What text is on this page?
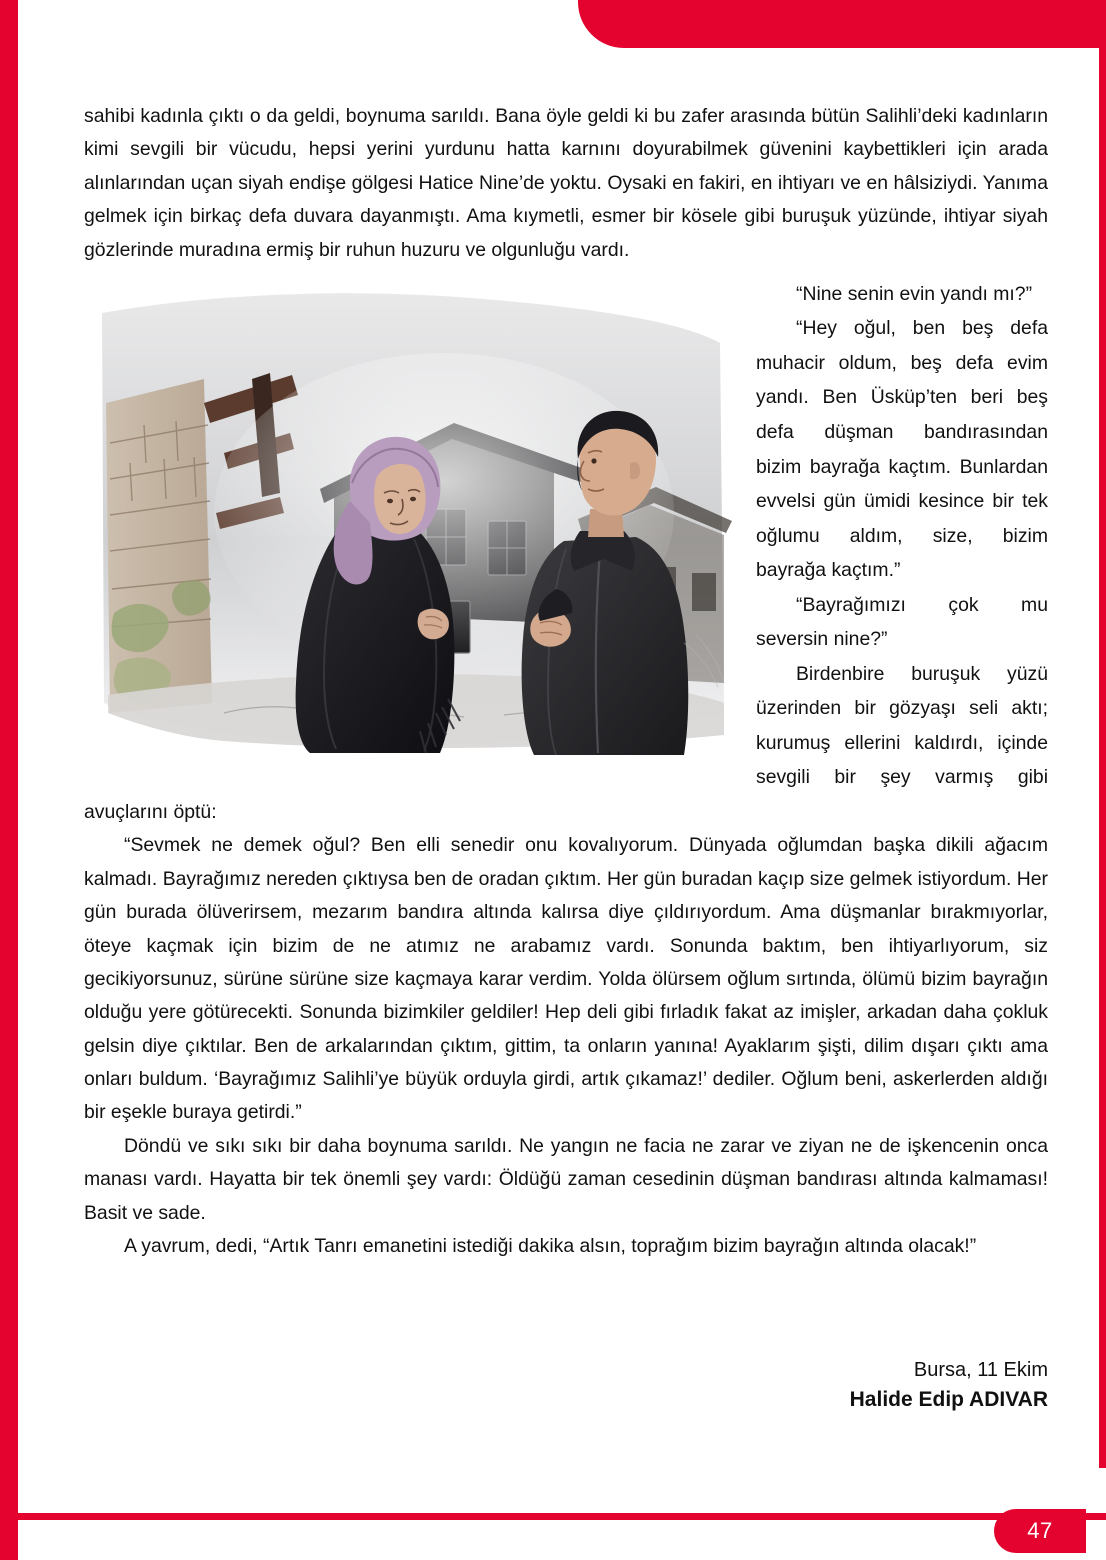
47

sahibi kadınla çıktı o da geldi, boynuma sarıldı. Bana öyle geldi ki bu zafer arasında bütün Salihli’deki kadınların kimi sevgili bir vücudu, hepsi yerini yurdunu hatta karnını doyurabilmek güvenini kaybettikleri için arada alınlarından uçan siyah endişe gölgesi Hatice Nine’de yoktu. Oysaki en fakiri, en ihtiyarı ve en hâlsiziydi. Yanıma gelmek için birkaç defa duvara dayanmıştı. Ama kıymetli, esmer bir kösele gibi buruşuk yüzünde, ihtiyar siyah gözlerinde muradına ermiş bir ruhun huzuru ve olgunluğu vardı.

“Nine senin evin yandı mı?”

“Hey oğul, ben beş defa muhacir oldum, beş defa evim yandı. Ben Üsküp’ten beri beş defa düşman bandırasından bizim bayrağa kaçtım. Bunlardan evvelsi gün ümidi kesince bir tek oğlumu aldım, size, bizim bayrağa kaçtım.”

“Bayrağımızı çok mu seversin nine?”

Birdenbire buruşuk yüzü üzerinden bir gözyaşı seli aktı; kurumuş ellerini kaldırdı, içinde sevgili bir şey varmış gibi avuçlarını öptü:

“Sevmek ne demek oğul? Ben elli senedir onu kovalıyorum. Dünyada oğlumdan başka dikili ağacım kalmadı. Bayrağımız nereden çıktıysa ben de oradan çıktım. Her gün buradan kaçıp size gelmek istiyordum. Her gün burada ölüverirsem, mezarım bandıra altında kalırsa diye çıldırıyordum. Ama düşmanlar bırakmıyorlar, öteye kaçmak için bizim de ne atımız ne arabamız vardı. Sonunda baktım, ben ihtiyarlıyorum, siz gecikiyorsunuz, sürüne sürüne size kaçmaya karar verdim. Yolda ölürsem oğlum sırtında, ölümü bizim bayrağın olduğu yere götürecekti. Sonunda bizimkiler geldiler! Hep deli gibi fırladık fakat az imişler, arkadan daha çokluk gelsin diye çıktılar. Ben de arkalarından çıktım, gittim, ta onların yanına! Ayaklarım şişti, dilim dışarı çıktı ama onları buldum. ‘Bayrağımız Salihli’ye büyük orduyla girdi, artık çıkamaz!’ dediler. Oğlum beni, askerlerden aldığı bir eşekle buraya getirdi.”

Döndü ve sıkı sıkı bir daha boynuma sarıldı. Ne yangın ne facia ne zarar ve ziyan ne de işkencenin onca manası vardı. Hayatta bir tek önemli şey vardı: Öldüğü zaman cesedinin düşman bandırası altında kalmaması! Basit ve sade.

A yavrum, dedi, “Artık Tanrı emanetini istediği dakika alsın, toprağım bizim bayrağın altında olacak!”

Bursa, 11 Ekim
Halide Edip ADIVAR
